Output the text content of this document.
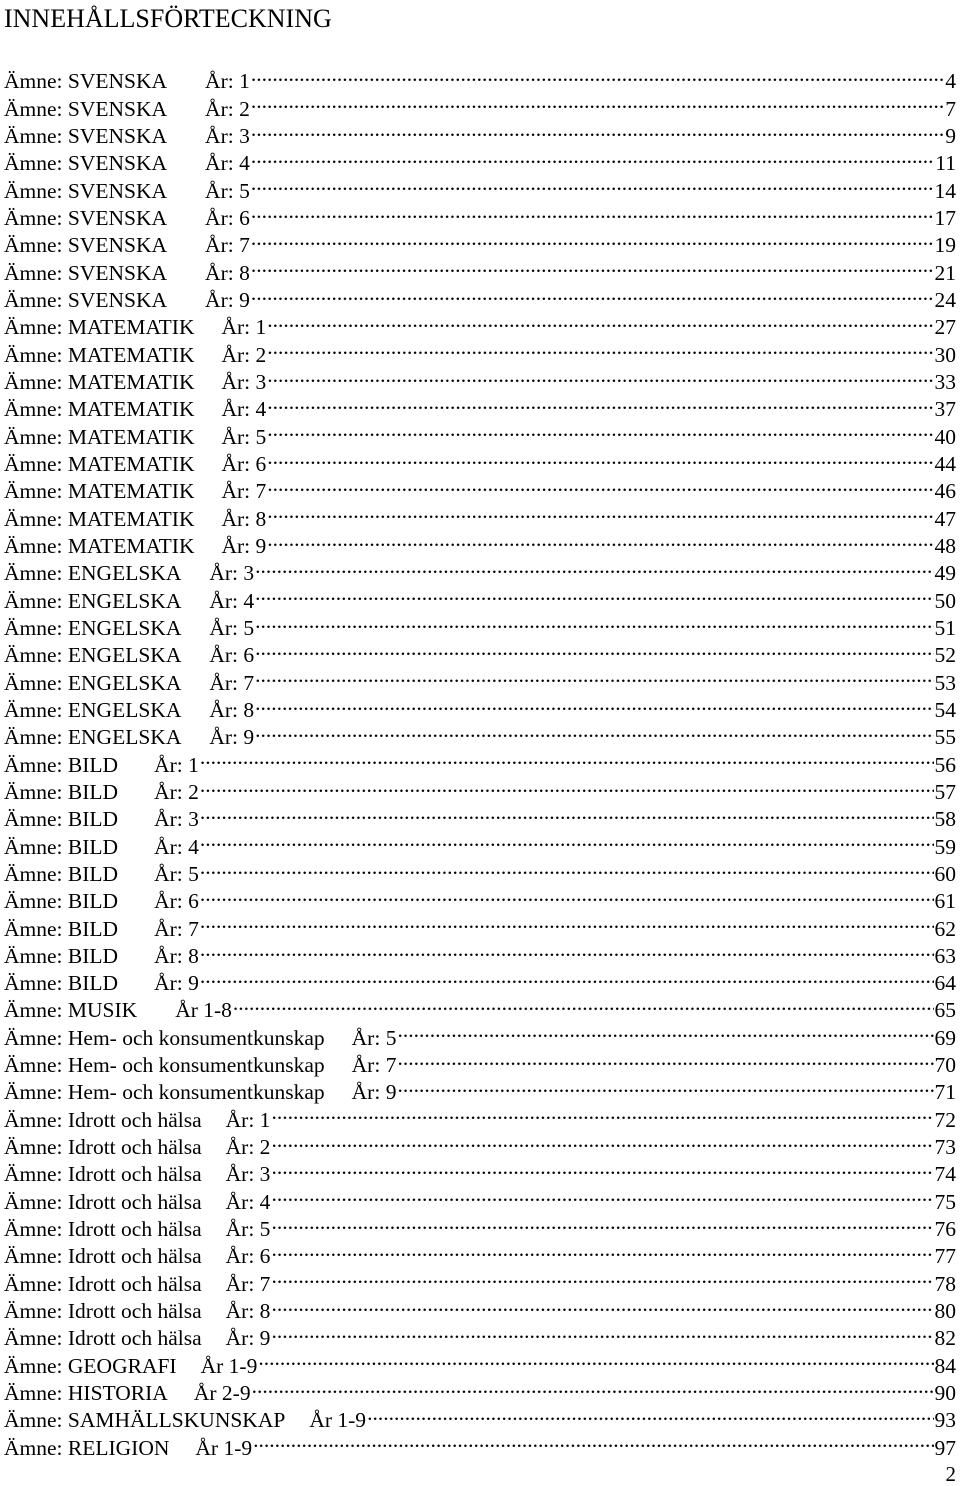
INNEHÅLLSFÖRTECKNING
Ämne: SVENSKA År: 1 .....	4
Ämne: SVENSKA År: 2 .....	7
Ämne: SVENSKA År: 3 .....	9
Ämne: SVENSKA År: 4 .....	11
Ämne: SVENSKA År: 5 .....	14
Ämne: SVENSKA År: 6 .....	17
Ämne: SVENSKA År: 7 .....	19
Ämne: SVENSKA År: 8 .....	21
Ämne: SVENSKA År: 9 .....	24
Ämne: MATEMATIK År: 1 .....	27
Ämne: MATEMATIK År: 2 .....	30
Ämne: MATEMATIK År: 3 .....	33
Ämne: MATEMATIK År: 4 .....	37
Ämne: MATEMATIK År: 5 .....	40
Ämne: MATEMATIK År: 6 .....	44
Ämne: MATEMATIK År: 7 .....	46
Ämne: MATEMATIK År: 8 .....	47
Ämne: MATEMATIK År: 9 .....	48
Ämne: ENGELSKA År: 3 .....	49
Ämne: ENGELSKA År: 4 .....	50
Ämne: ENGELSKA År: 5 .....	51
Ämne: ENGELSKA År: 6 .....	52
Ämne: ENGELSKA År: 7 .....	53
Ämne: ENGELSKA År: 8 .....	54
Ämne: ENGELSKA År: 9 .....	55
Ämne: BILD År: 1 .....	56
Ämne: BILD År: 2 .....	57
Ämne: BILD År: 3 .....	58
Ämne: BILD År: 4 .....	59
Ämne: BILD År: 5 .....	60
Ämne: BILD År: 6 .....	61
Ämne: BILD År: 7 .....	62
Ämne: BILD År: 8 .....	63
Ämne: BILD År: 9 .....	64
Ämne: MUSIK År 1-8 .....	65
Ämne: Hem- och konsumentkunskap År: 5 .....	69
Ämne: Hem- och konsumentkunskap År: 7 .....	70
Ämne: Hem- och konsumentkunskap År: 9 .....	71
Ämne: Idrott och hälsa År: 1 .....	72
Ämne: Idrott och hälsa År: 2 .....	73
Ämne: Idrott och hälsa År: 3 .....	74
Ämne: Idrott och hälsa År: 4 .....	75
Ämne: Idrott och hälsa År: 5 .....	76
Ämne: Idrott och hälsa År: 6 .....	77
Ämne: Idrott och hälsa År: 7 .....	78
Ämne: Idrott och hälsa År: 8 .....	80
Ämne: Idrott och hälsa År: 9 .....	82
Ämne: GEOGRAFI År 1-9 .....	84
Ämne: HISTORIA År 2-9 .....	90
Ämne: SAMHÄLLSKUNSKAP År 1-9 .....	93
Ämne: RELIGION År 1-9 .....	97
2
